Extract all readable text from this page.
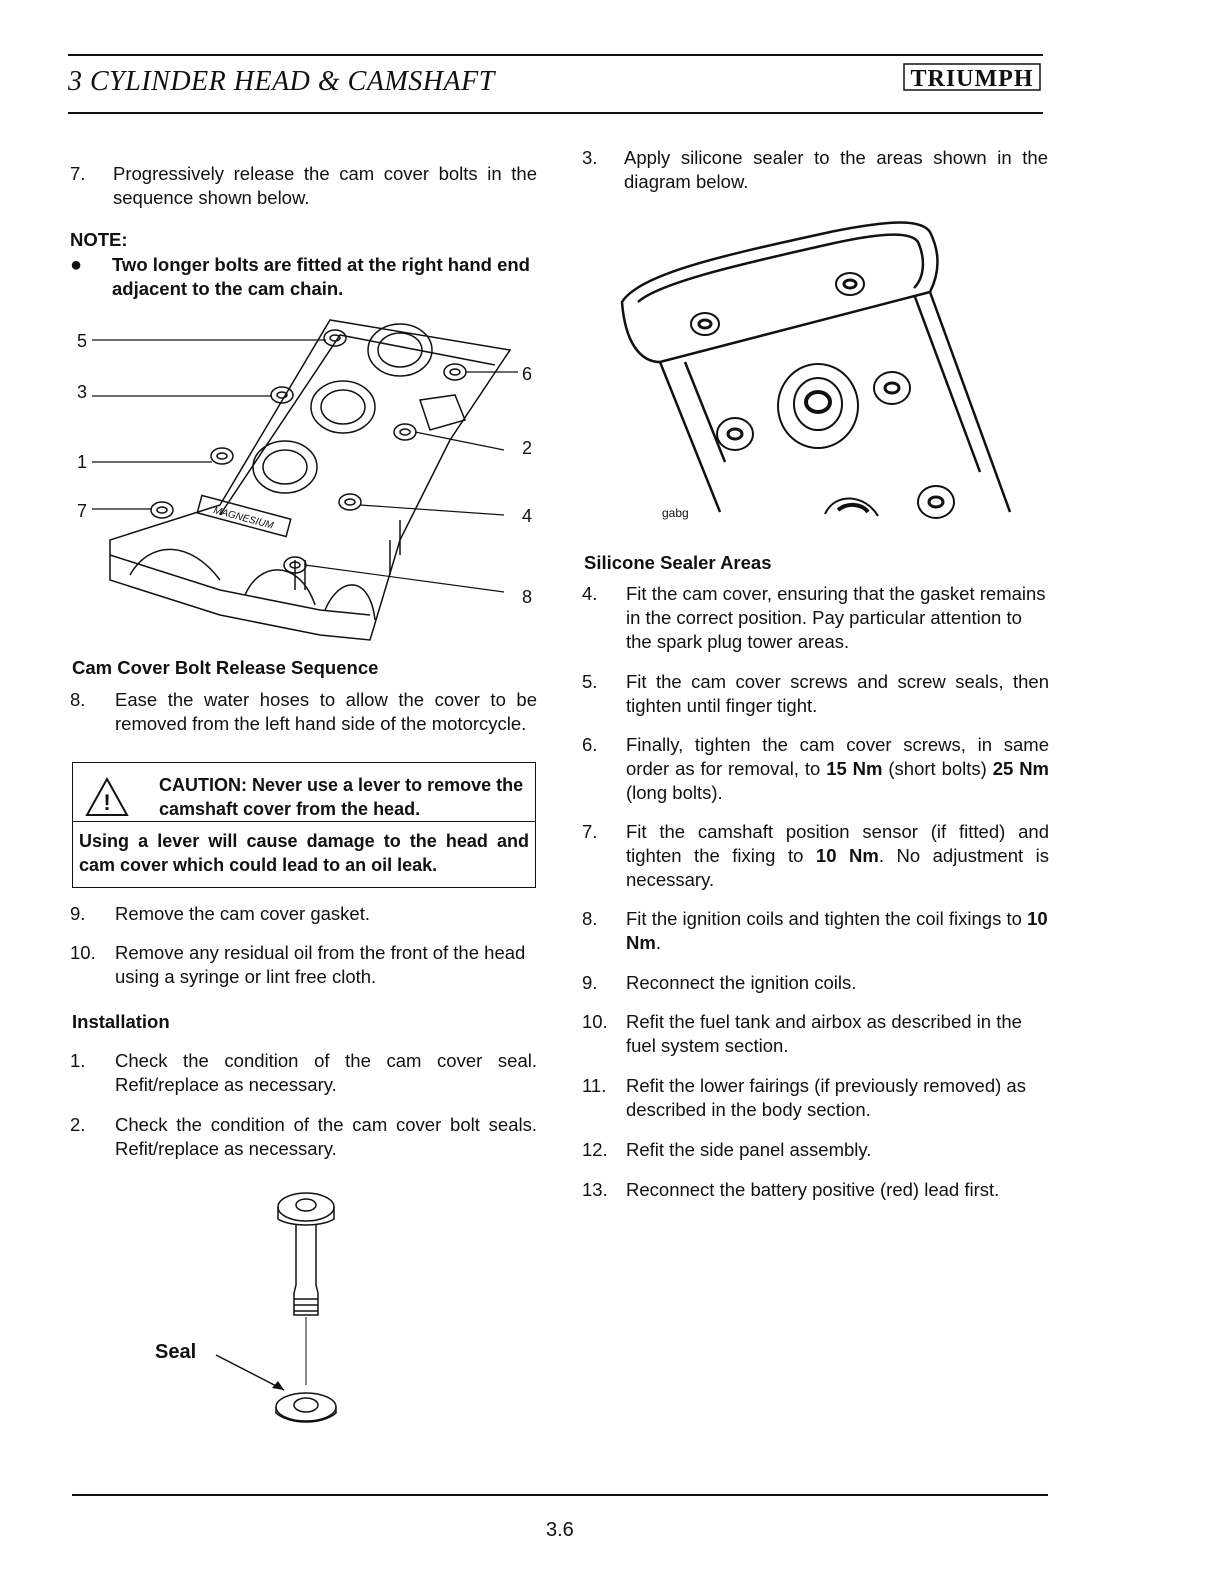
3 CYLINDER HEAD & CAMSHAFT	TRIUMPH
7. Progressively release the cam cover bolts in the sequence shown below.
NOTE:
● Two longer bolts are fitted at the right hand end adjacent to the cam chain.
MAGNESIUM
5
3
1
7
6
2
4
8
Cam Cover Bolt Release Sequence
8. Ease the water hoses to allow the cover to be removed from the left hand side of the motorcycle.
!
CAUTION: Never use a lever to remove the camshaft cover from the head.
Using a lever will cause damage to the head and cam cover which could lead to an oil leak.
9. Remove the cam cover gasket.
10. Remove any residual oil from the front of the head using a syringe or lint free cloth.
Installation
1. Check the condition of the cam cover seal. Refit/replace as necessary.
2. Check the condition of the cam cover bolt seals. Refit/replace as necessary.
Seal
3. Apply silicone sealer to the areas shown in the diagram below.
gabg
Silicone Sealer Areas
4. Fit the cam cover, ensuring that the gasket remains in the correct position. Pay particular attention to the spark plug tower areas.
5. Fit the cam cover screws and screw seals, then tighten until finger tight.
6. Finally, tighten the cam cover screws, in same order as for removal, to 15 Nm (short bolts) 25 Nm (long bolts).
7. Fit the camshaft position sensor (if fitted) and tighten the fixing to 10 Nm. No adjustment is necessary.
8. Fit the ignition coils and tighten the coil fixings to 10 Nm.
9. Reconnect the ignition coils.
10. Refit the fuel tank and airbox as described in the fuel system section.
11. Refit the lower fairings (if previously removed) as described in the body section.
12. Refit the side panel assembly.
13. Reconnect the battery positive (red) lead first.
3.6
